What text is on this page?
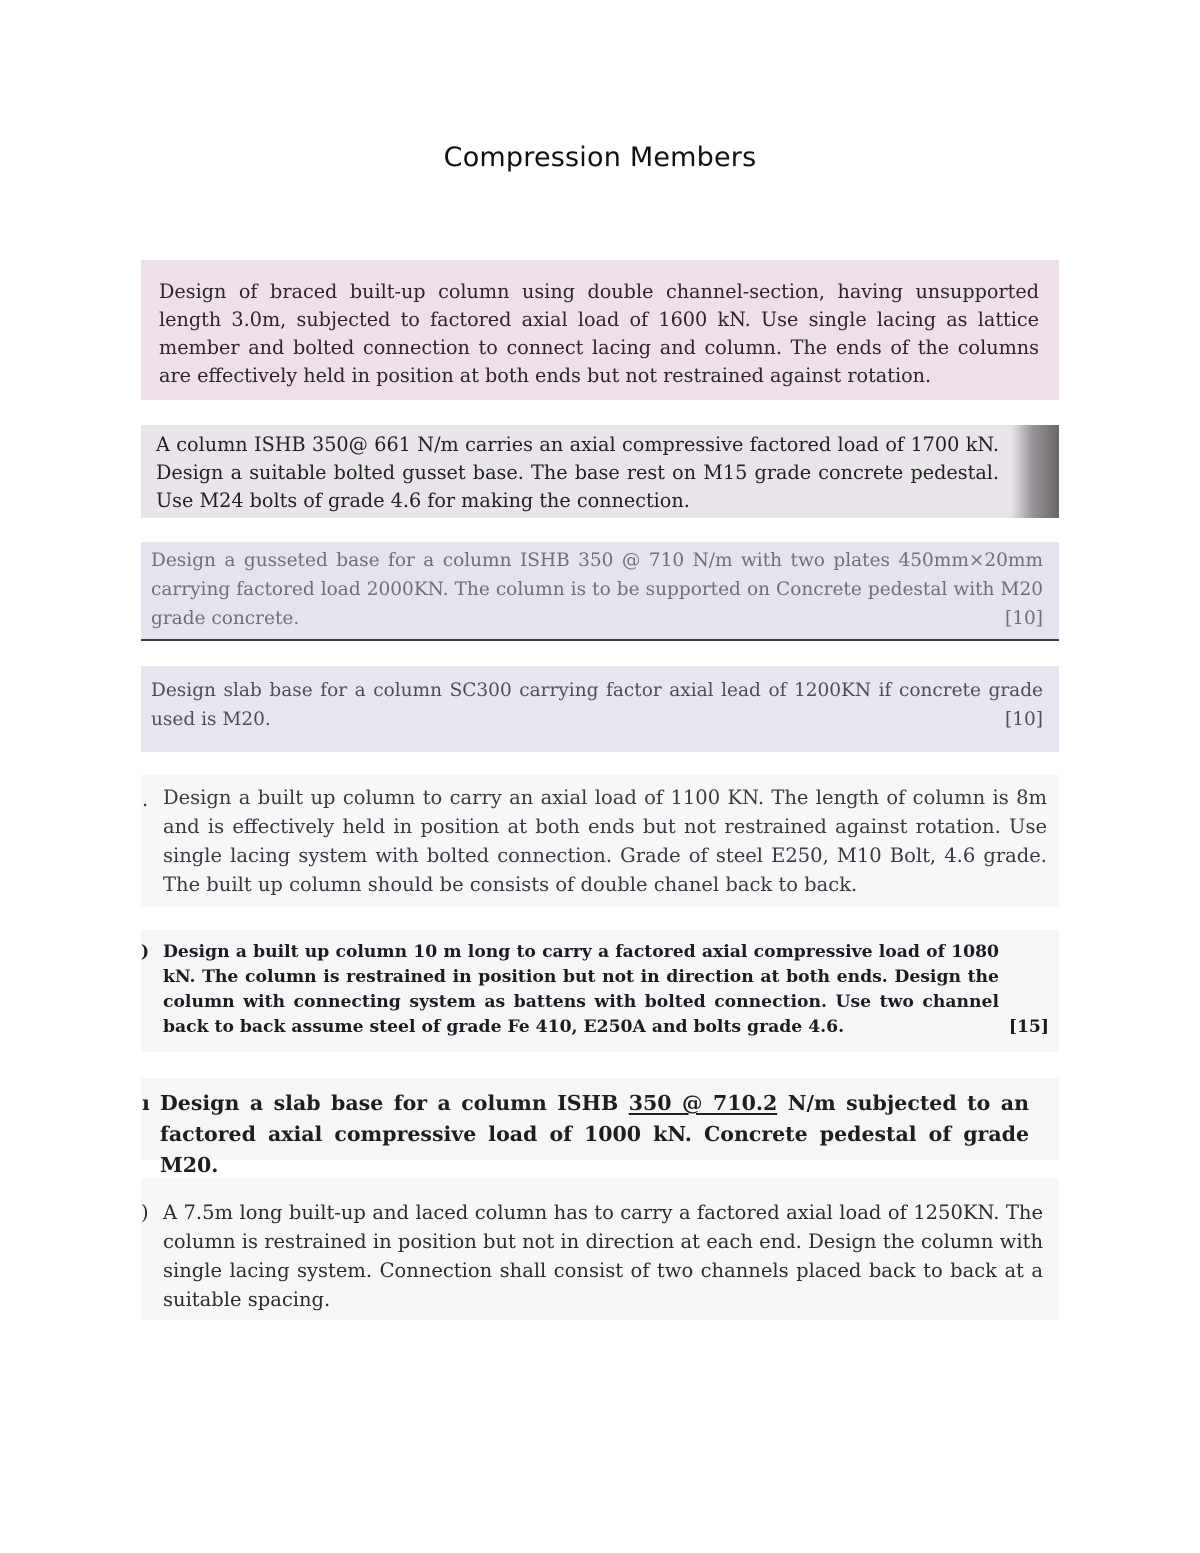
Compression Members

Design of braced built-up column using double channel-section, having unsupported length 3.0m, subjected to factored axial load of 1600 kN. Use single lacing as lattice member and bolted connection to connect lacing and column. The ends of the columns are effectively held in position at both ends but not restrained against rotation.

A column ISHB 350@ 661 N/m carries an axial compressive factored load of 1700 kN. Design a suitable bolted gusset base. The base rest on M15 grade concrete pedestal. Use M24 bolts of grade 4.6 for making the connection.

Design a gusseted base for a column ISHB 350 @ 710 N/m with two plates 450mm×20mm carrying factored load 2000KN. The column is to be supported on Concrete pedestal with M20 grade concrete.	[10]

Design slab base for a column SC300 carrying factor axial lead of 1200KN if concrete grade used is M20.	[10]

. Design a built up column to carry an axial load of 1100 KN. The length of column is 8m and is effectively held in position at both ends but not restrained against rotation. Use single lacing system with bolted connection. Grade of steel E250, M10 Bolt, 4.6 grade. The built up column should be consists of double chanel back to back.

) Design a built up column 10 m long to carry a factored axial compressive load of 1080 kN. The column is restrained in position but not in direction at both ends. Design the column with connecting system as battens with bolted connection. Use two channel back to back assume steel of grade Fe 410, E250A and bolts grade 4.6.	[15]

ı Design a slab base for a column ISHB 350 @ 710.2 N/m subjected to an factored axial compressive load of 1000 kN. Concrete pedestal of grade M20.

) A 7.5m long built-up and laced column has to carry a factored axial load of 1250KN. The column is restrained in position but not in direction at each end. Design the column with single lacing system. Connection shall consist of two channels placed back to back at a suitable spacing.
